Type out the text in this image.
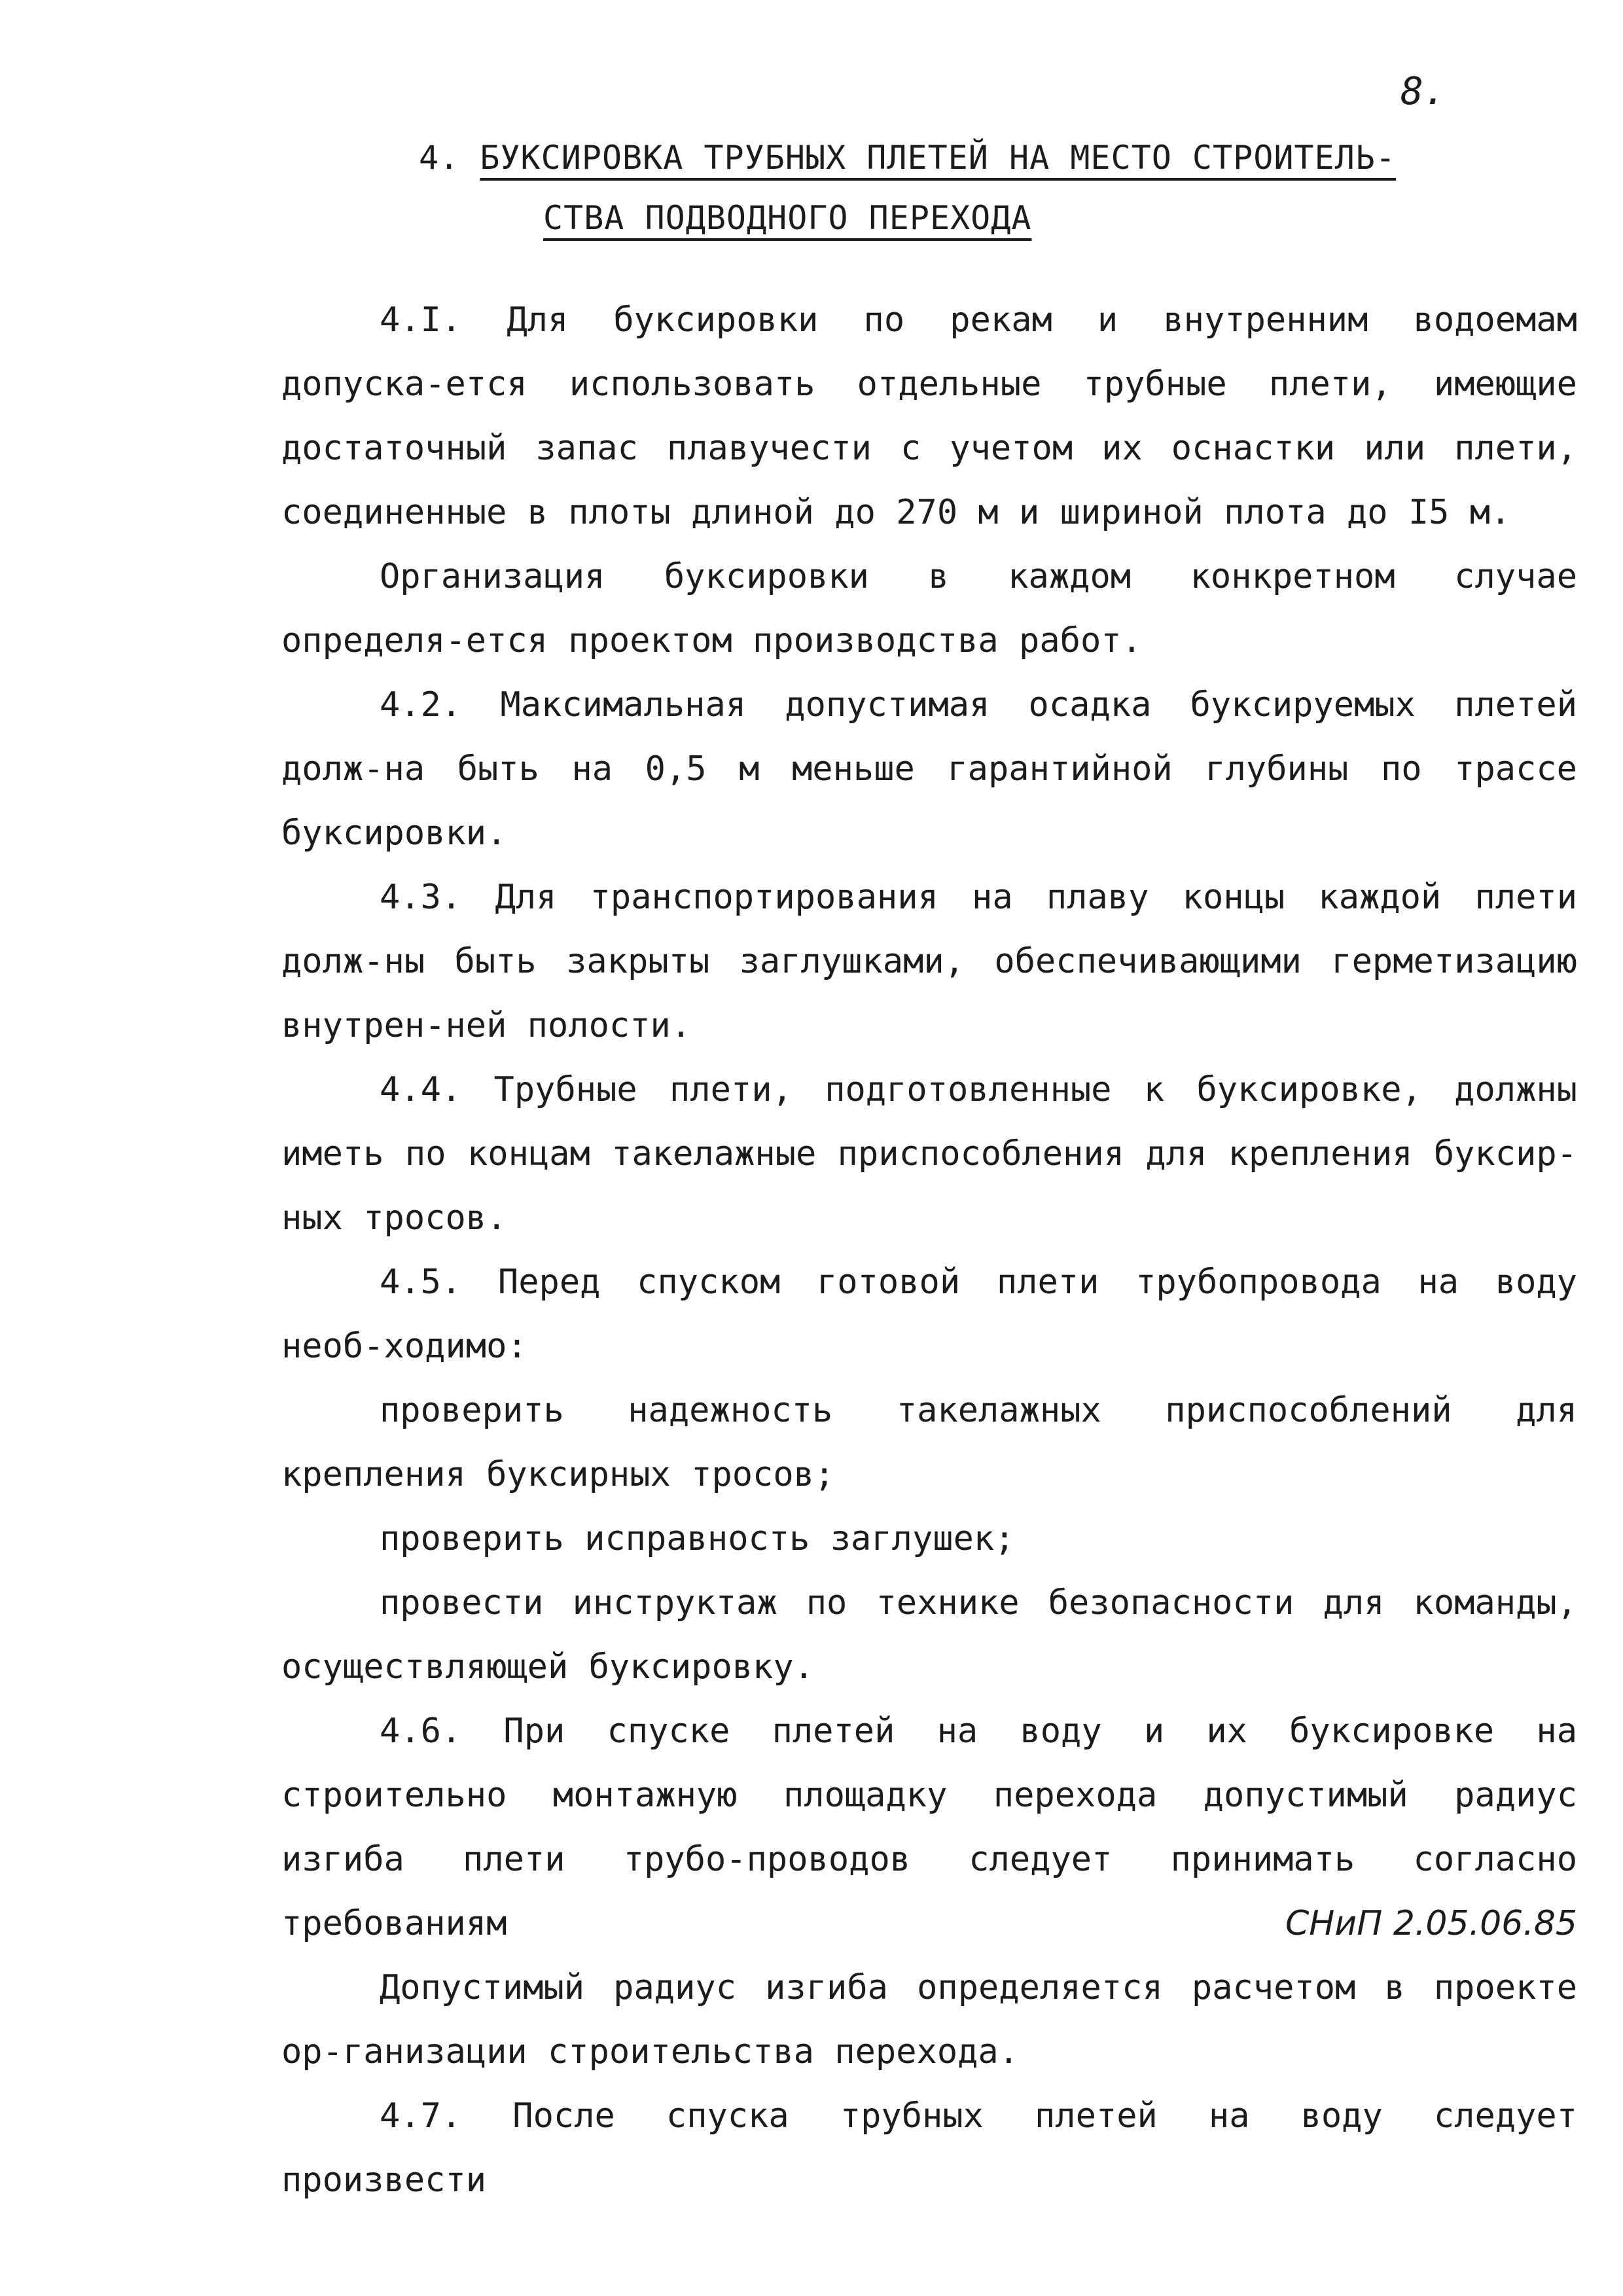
8.
4. БУКСИРОВКА ТРУБНЫХ ПЛЕТЕЙ НА МЕСТО СТРОИТЕЛЬ-
СТВА ПОДВОДНОГО ПЕРЕХОДА

4.I. Для буксировки по рекам и внутренним водоемам допуска-ется использовать отдельные трубные плети, имеющие достаточный запас плавучести с учетом их оснастки или плети, соединенные в плоты длиной до 270 м и шириной плота до I5 м.

Организация буксировки в каждом конкретном случае определя-ется проектом производства работ.

4.2. Максимальная допустимая осадка буксируемых плетей долж-на быть на 0,5 м меньше гарантийной глубины по трассе буксировки.

4.3. Для транспортирования на плаву концы каждой плети долж-ны быть закрыты заглушками, обеспечивающими герметизацию внутрен-ней полости.

4.4. Трубные плети, подготовленные к буксировке, должны иметь по концам такелажные приспособления для крепления буксир-ных тросов.

4.5. Перед спуском готовой плети трубопровода на воду необ-ходимо:

проверить надежность такелажных приспособлений для крепления буксирных тросов;

проверить исправность заглушек;

провести инструктаж по технике безопасности для команды, осуществляющей буксировку.

4.6. При спуске плетей на воду и их буксировке на строительно монтажную площадку перехода допустимый радиус изгиба плети трубо-проводов следует принимать согласно требованиям	СНиП 2.05.06.85

Допустимый радиус изгиба определяется расчетом в проекте ор-ганизации строительства перехода.

4.7. После спуска трубных плетей на воду следует произвести
